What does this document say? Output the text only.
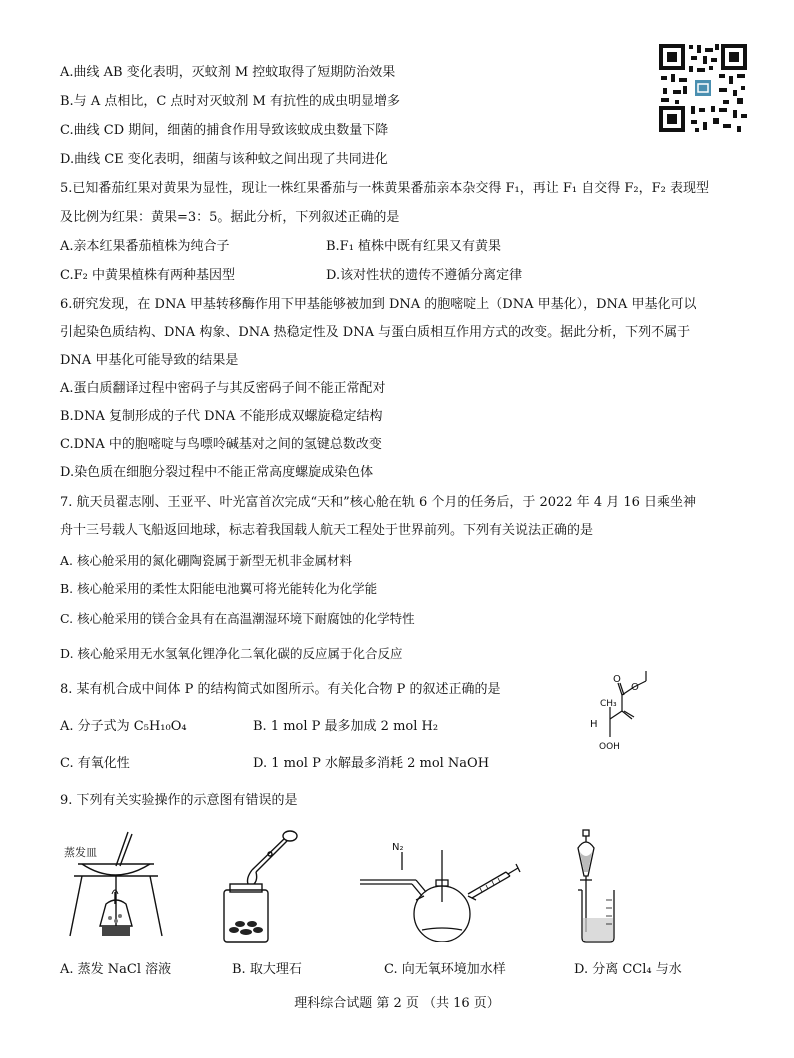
A.曲线 AB 变化表明，灭蚊剂 M 控蚊取得了短期防治效果
B.与 A 点相比，C 点时对灭蚊剂 M 有抗性的成虫明显增多
C.曲线 CD 期间，细菌的捕食作用导致该蚊成虫数量下降
D.曲线 CE 变化表明，细菌与该种蚊之间出现了共同进化
5.已知番茄红果对黄果为显性，现让一株红果番茄与一株黄果番茄亲本杂交得 F₁，再让 F₁ 自交得 F₂，F₂ 表现型
及比例为红果：黄果=3：5。据此分析，下列叙述正确的是
A.亲本红果番茄植株为纯合子	B.F₁ 植株中既有红果又有黄果
C.F₂ 中黄果植株有两种基因型	D.该对性状的遗传不遵循分离定律
6.研究发现，在 DNA 甲基转移酶作用下甲基能够被加到 DNA 的胞嘧啶上（DNA 甲基化），DNA 甲基化可以
引起染色质结构、DNA 构象、DNA 热稳定性及 DNA 与蛋白质相互作用方式的改变。据此分析，下列不属于
DNA 甲基化可能导致的结果是
A.蛋白质翻译过程中密码子与其反密码子间不能正常配对
B.DNA 复制形成的子代 DNA 不能形成双螺旋稳定结构
C.DNA 中的胞嘧啶与鸟嘌呤碱基对之间的氢键总数改变
D.染色质在细胞分裂过程中不能正常高度螺旋成染色体
7. 航天员翟志刚、王亚平、叶光富首次完成“天和”核心舱在轨 6 个月的任务后，于 2022 年 4 月 16 日乘坐神
舟十三号载人飞船返回地球，标志着我国载人航天工程处于世界前列。下列有关说法正确的是
A. 核心舱采用的氮化硼陶瓷属于新型无机非金属材料
B. 核心舱采用的柔性太阳能电池翼可将光能转化为化学能
C. 核心舱采用的镁合金具有在高温潮湿环境下耐腐蚀的化学特性
D. 核心舱采用无水氢氧化锂净化二氧化碳的反应属于化合反应
8. 某有机合成中间体 P 的结构简式如图所示。有关化合物 P 的叙述正确的是
A. 分子式为 C₅H₁₀O₄	B. 1 mol P 最多加成 2 mol H₂
C. 有氧化性	D. 1 mol P 水解最多消耗 2 mol NaOH
O
O
CH₃
H
OOH
9. 下列有关实验操作的示意图有错误的是
蒸发皿	N₂
A. 蒸发 NaCl 溶液	B. 取大理石	C. 向无氧环境加水样	D. 分离 CCl₄ 与水
理科综合试题 第 2 页 （共 16 页）
